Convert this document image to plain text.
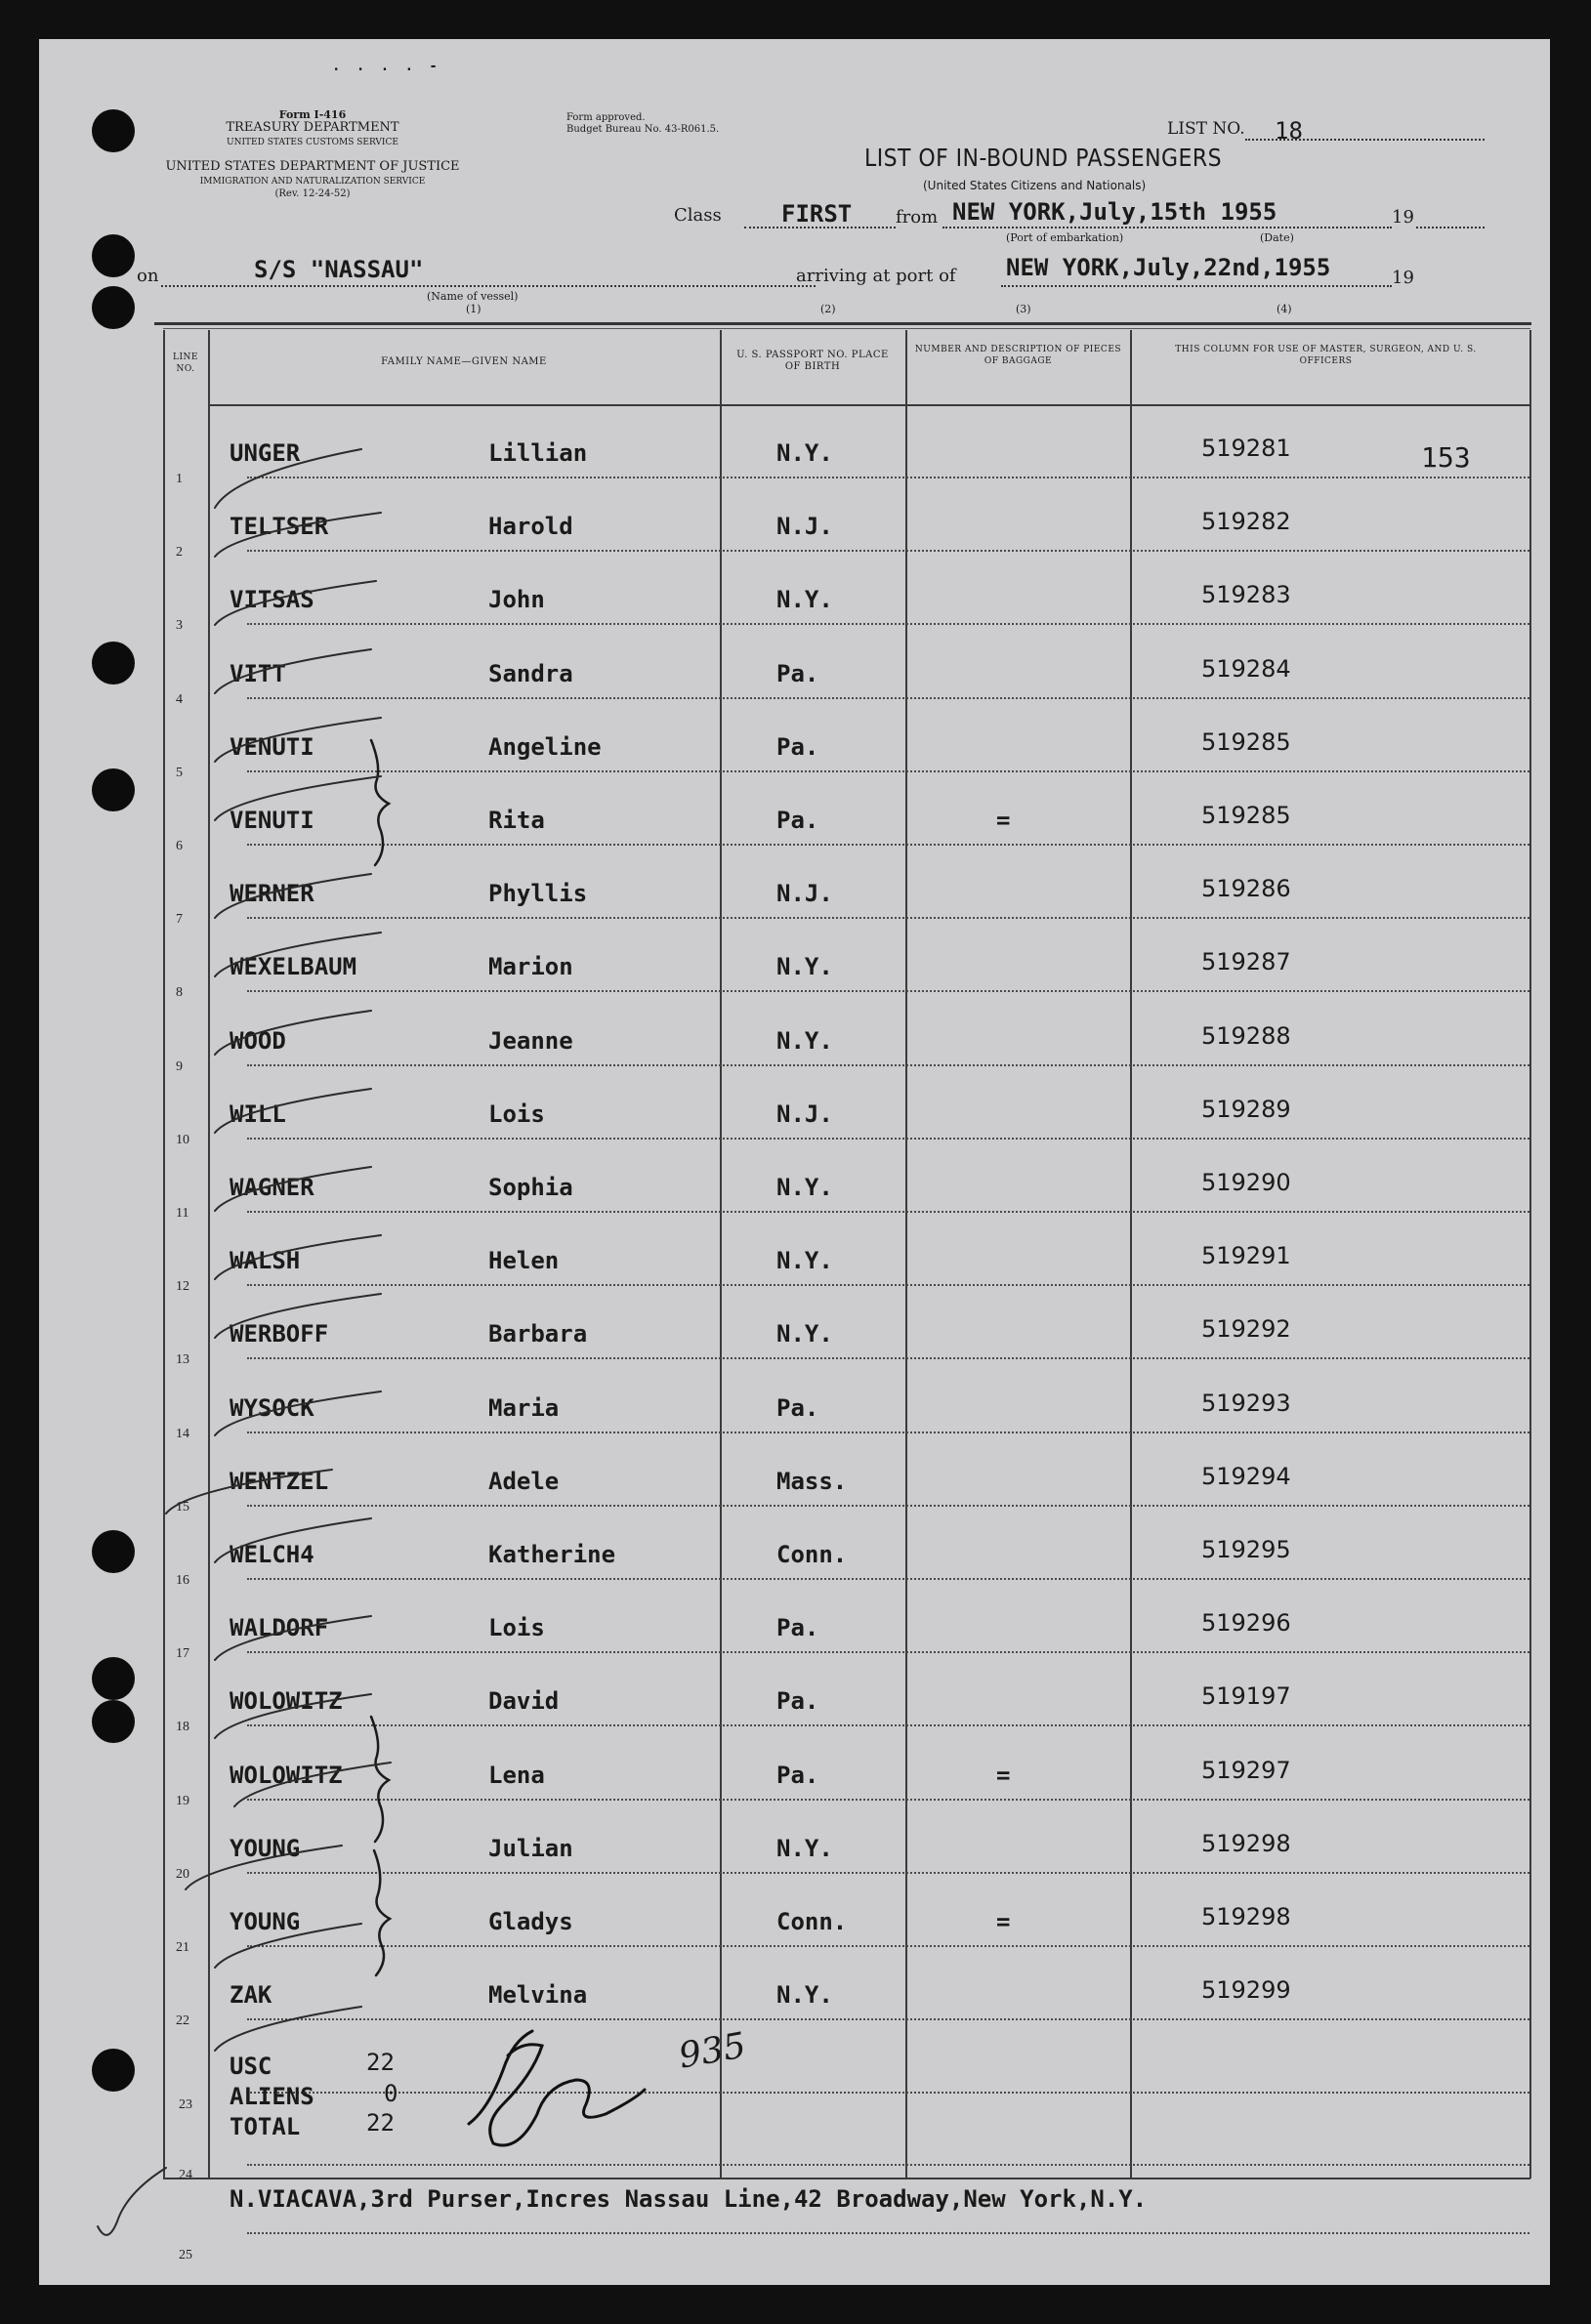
. . . . -
Form I-416
TREASURY DEPARTMENT
UNITED STATES CUSTOMS SERVICE
UNITED STATES DEPARTMENT OF JUSTICE
IMMIGRATION AND NATURALIZATION SERVICE
(Rev. 12-24-52)
Form approved.
Budget Bureau No. 43-R061.5.	LIST NO. 18
LIST OF IN-BOUND PASSENGERS
(United States Citizens and Nationals)
Class	FIRST from NEW YORK,July,15th 1955	19
(Port of embarkation)	(Date)
on	S/S "NASSAU"
(Name of vessel)
(1)
arriving at port of NEW YORK,July,22nd,1955	19
(2)	(3)	(4)
153
LINE NO.
FAMILY NAME—GIVEN NAME
U. S. PASSPORT NO. PLACE OF BIRTH
NUMBER AND DESCRIPTION OF PIECES OF BAGGAGE
THIS COLUMN FOR USE OF MASTER, SURGEON, AND U. S. OFFICERS
1
UNGER	Lillian	N.Y.	519281
2
TELTSER	Harold	N.J.	519282
3
VITSAS	John	N.Y.	519283
4
VITT	Sandra	Pa.	519284
5
VENUTI	Angeline	Pa.	519285
6
VENUTI	Rita	Pa.	=	519285
7
WERNER	Phyllis	N.J.	519286
8
WEXELBAUM	Marion	N.Y.	519287
9
WOOD	Jeanne	N.Y.	519288
10
WILL	Lois	N.J.	519289
11
WAGNER	Sophia	N.Y.	519290
12
WALSH	Helen	N.Y.	519291
13
WERBOFF	Barbara	N.Y.	519292
14
WYSOCK	Maria	Pa.	519293
15
WENTZEL	Adele	Mass.	519294
16
WELCH4	Katherine	Conn.	519295
17
WALDORF	Lois	Pa.	519296
18
WOLOWITZ	David	Pa.	519197
19
WOLOWITZ	Lena	Pa.	=	519297
20
YOUNG	Julian	N.Y.	519298
21
YOUNG	Gladys	Conn.	=	519298
22
ZAK	Melvina	N.Y.	519299
23
USC	22
ALIENS	0
TOTAL	22
935
24
N.VIACAVA,3rd Purser,Incres Nassau Line,42 Broadway,New York,N.Y.
25
